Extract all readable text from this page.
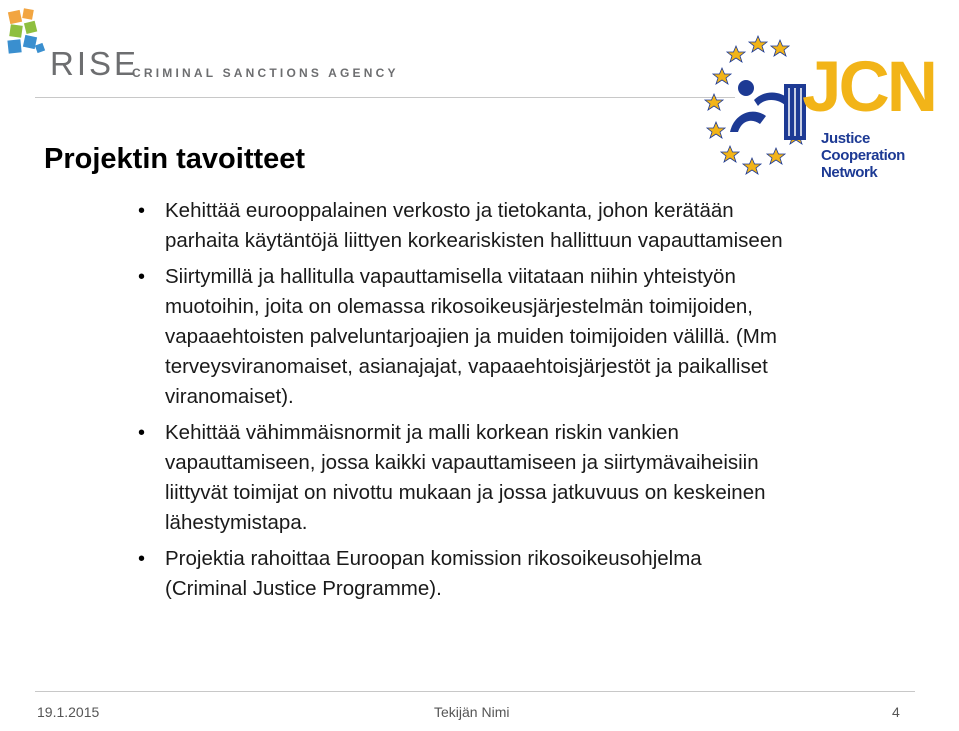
RISE
CRIMINAL SANCTIONS AGENCY	JCN
Justice
Cooperation
Network
Projektin tavoitteet
• Kehittää eurooppalainen verkosto ja tietokanta, johon kerätään
parhaita käytäntöjä liittyen korkeariskisten hallittuun vapauttamiseen
• Siirtymillä ja hallitulla vapauttamisella viitataan niihin yhteistyön
muotoihin, joita on olemassa rikosoikeusjärjestelmän toimijoiden,
vapaaehtoisten palveluntarjoajien ja muiden toimijoiden välillä. (Mm
terveysviranomaiset, asianajajat, vapaaehtoisjärjestöt ja paikalliset
viranomaiset).
• Kehittää vähimmäisnormit ja malli korkean riskin vankien
vapauttamiseen, jossa kaikki vapauttamiseen ja siirtymävaiheisiin
liittyvät toimijat on nivottu mukaan ja jossa jatkuvuus on keskeinen
lähestymistapa.
• Projektia rahoittaa Euroopan komission rikosoikeusohjelma
(Criminal Justice Programme).
19.1.2015	Tekijän Nimi	4
